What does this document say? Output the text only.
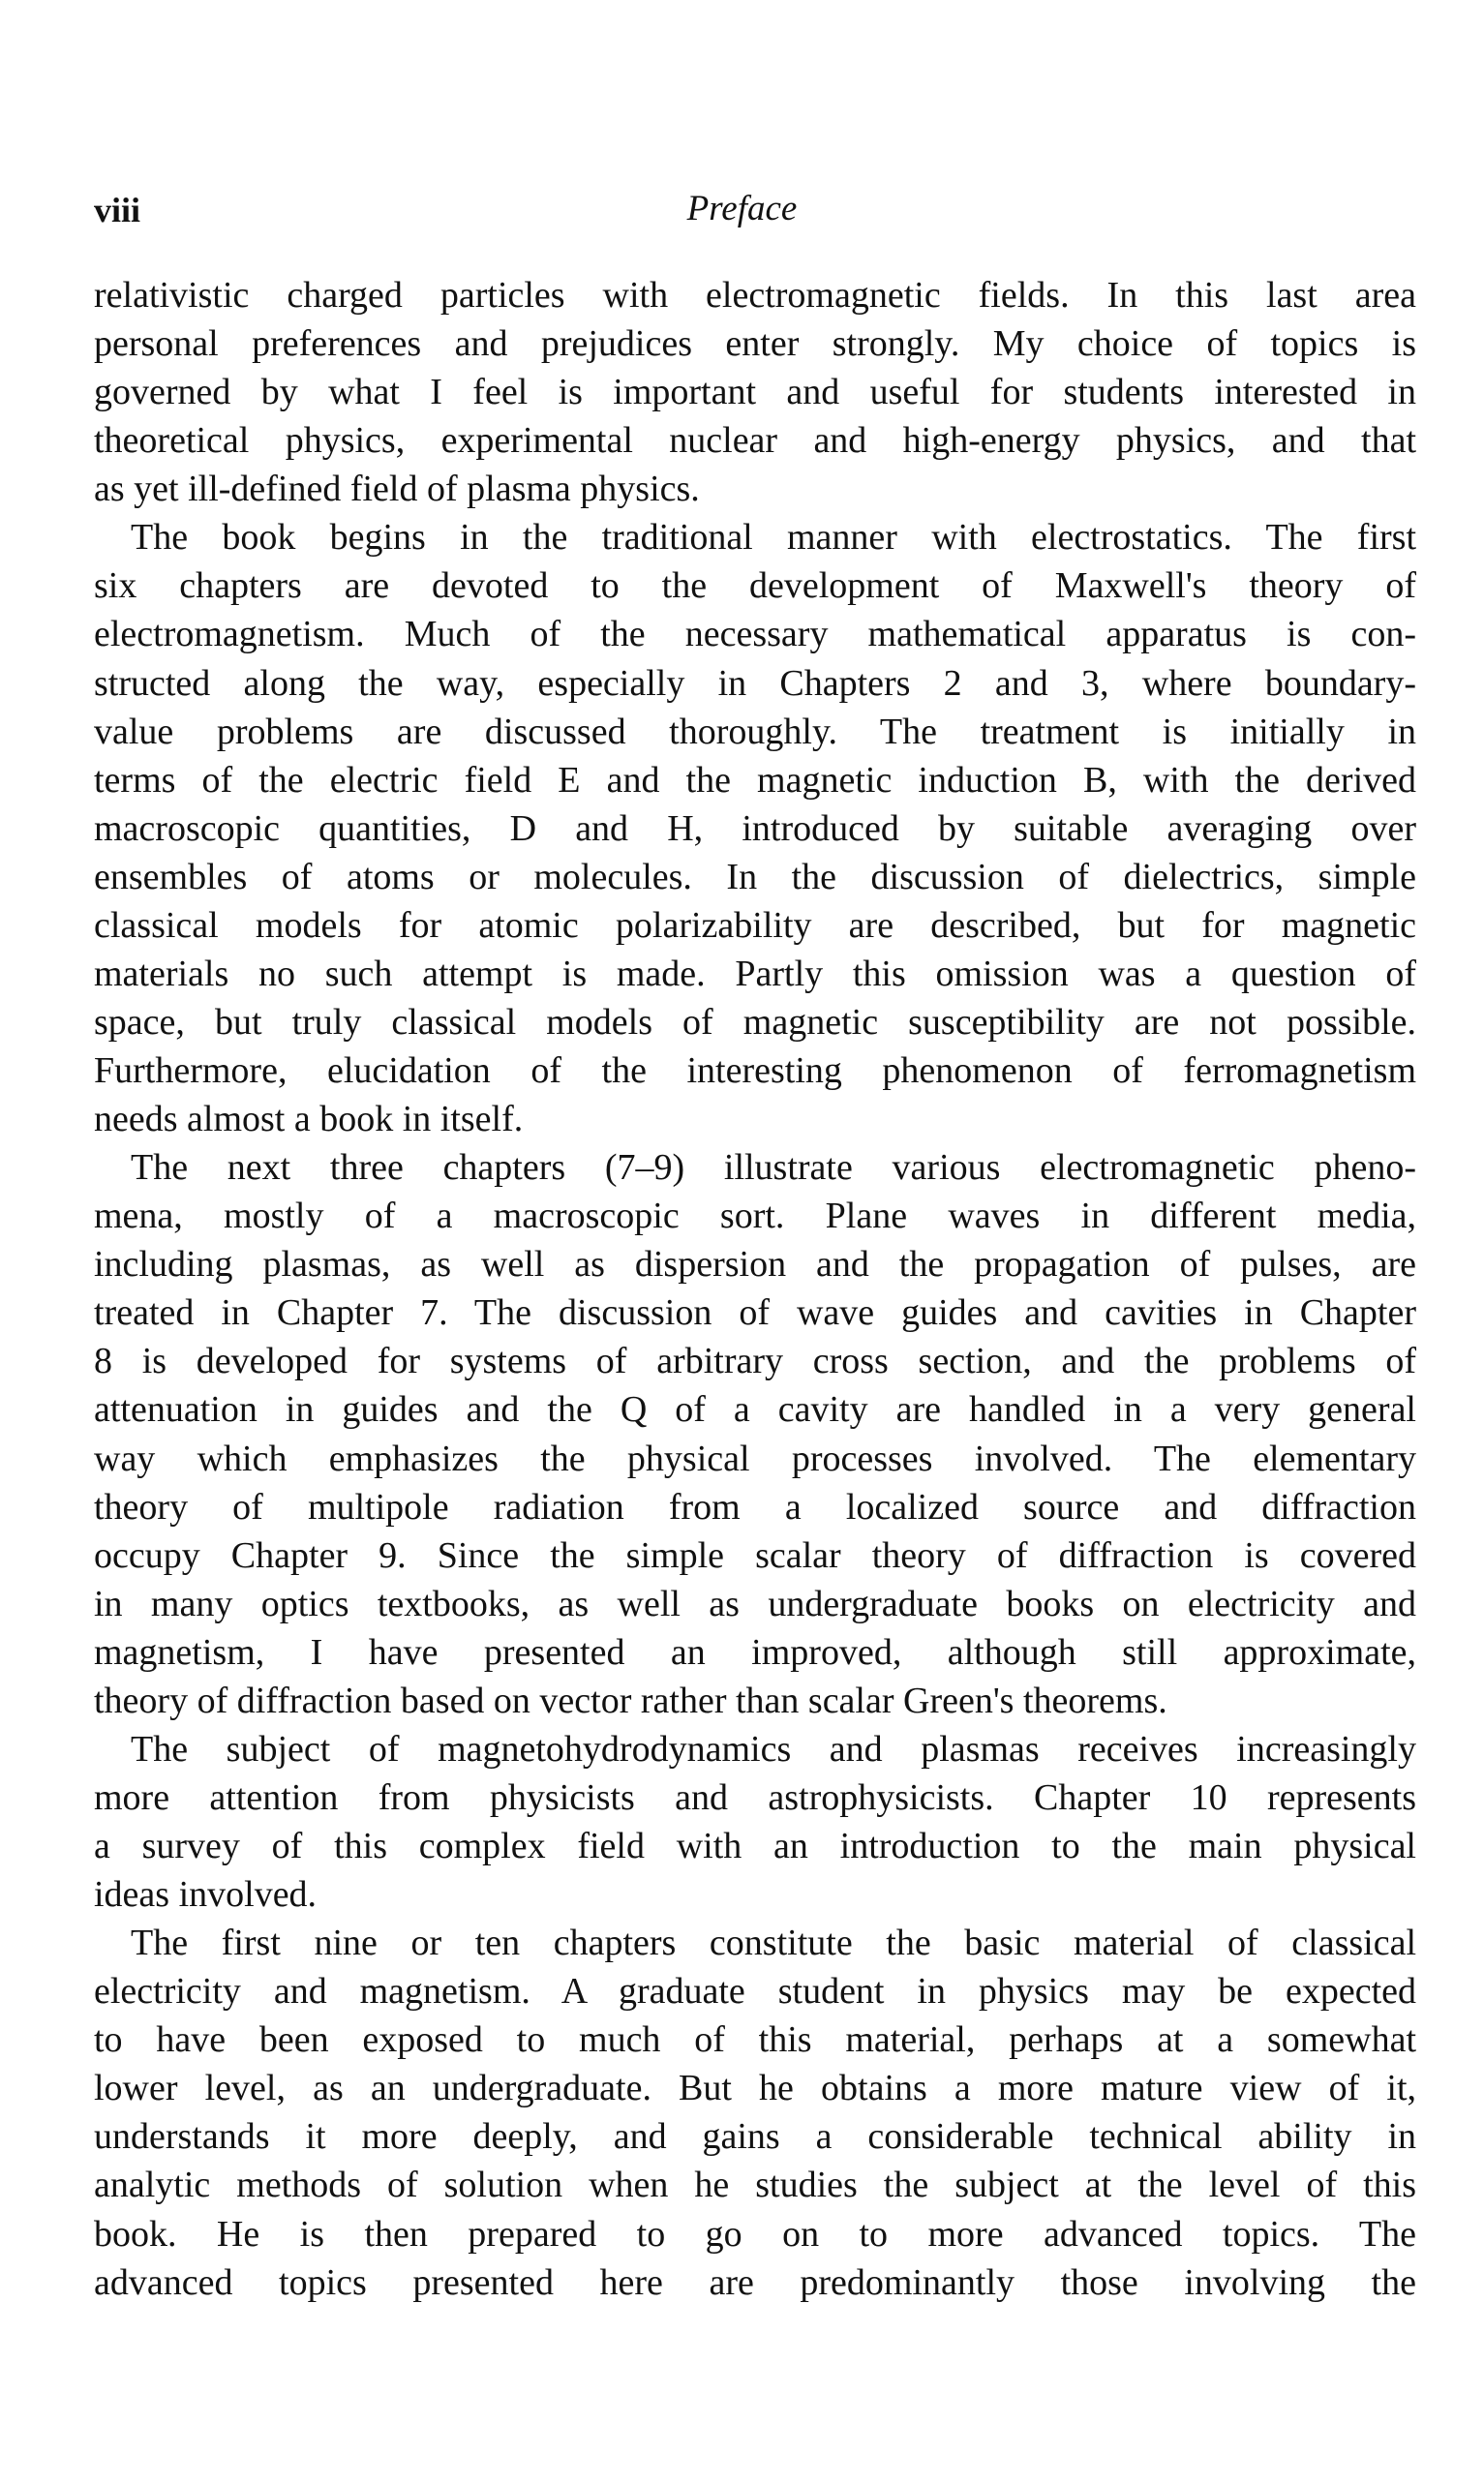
viii	Preface
relativistic charged particles with electromagnetic fields. In this last area
personal preferences and prejudices enter strongly. My choice of topics is
governed by what I feel is important and useful for students interested in
theoretical physics, experimental nuclear and high-energy physics, and that
as yet ill-defined field of plasma physics.
The book begins in the traditional manner with electrostatics. The first
six chapters are devoted to the development of Maxwell's theory of
electromagnetism. Much of the necessary mathematical apparatus is con-
structed along the way, especially in Chapters 2 and 3, where boundary-
value problems are discussed thoroughly. The treatment is initially in
terms of the electric field E and the magnetic induction B, with the derived
macroscopic quantities, D and H, introduced by suitable averaging over
ensembles of atoms or molecules. In the discussion of dielectrics, simple
classical models for atomic polarizability are described, but for magnetic
materials no such attempt is made. Partly this omission was a question of
space, but truly classical models of magnetic susceptibility are not possible.
Furthermore, elucidation of the interesting phenomenon of ferromagnetism
needs almost a book in itself.
The next three chapters (7–9) illustrate various electromagnetic pheno-
mena, mostly of a macroscopic sort. Plane waves in different media,
including plasmas, as well as dispersion and the propagation of pulses, are
treated in Chapter 7. The discussion of wave guides and cavities in Chapter
8 is developed for systems of arbitrary cross section, and the problems of
attenuation in guides and the Q of a cavity are handled in a very general
way which emphasizes the physical processes involved. The elementary
theory of multipole radiation from a localized source and diffraction
occupy Chapter 9. Since the simple scalar theory of diffraction is covered
in many optics textbooks, as well as undergraduate books on electricity and
magnetism, I have presented an improved, although still approximate,
theory of diffraction based on vector rather than scalar Green's theorems.
The subject of magnetohydrodynamics and plasmas receives increasingly
more attention from physicists and astrophysicists. Chapter 10 represents
a survey of this complex field with an introduction to the main physical
ideas involved.
The first nine or ten chapters constitute the basic material of classical
electricity and magnetism. A graduate student in physics may be expected
to have been exposed to much of this material, perhaps at a somewhat
lower level, as an undergraduate. But he obtains a more mature view of it,
understands it more deeply, and gains a considerable technical ability in
analytic methods of solution when he studies the subject at the level of this
book. He is then prepared to go on to more advanced topics. The
advanced topics presented here are predominantly those involving the
